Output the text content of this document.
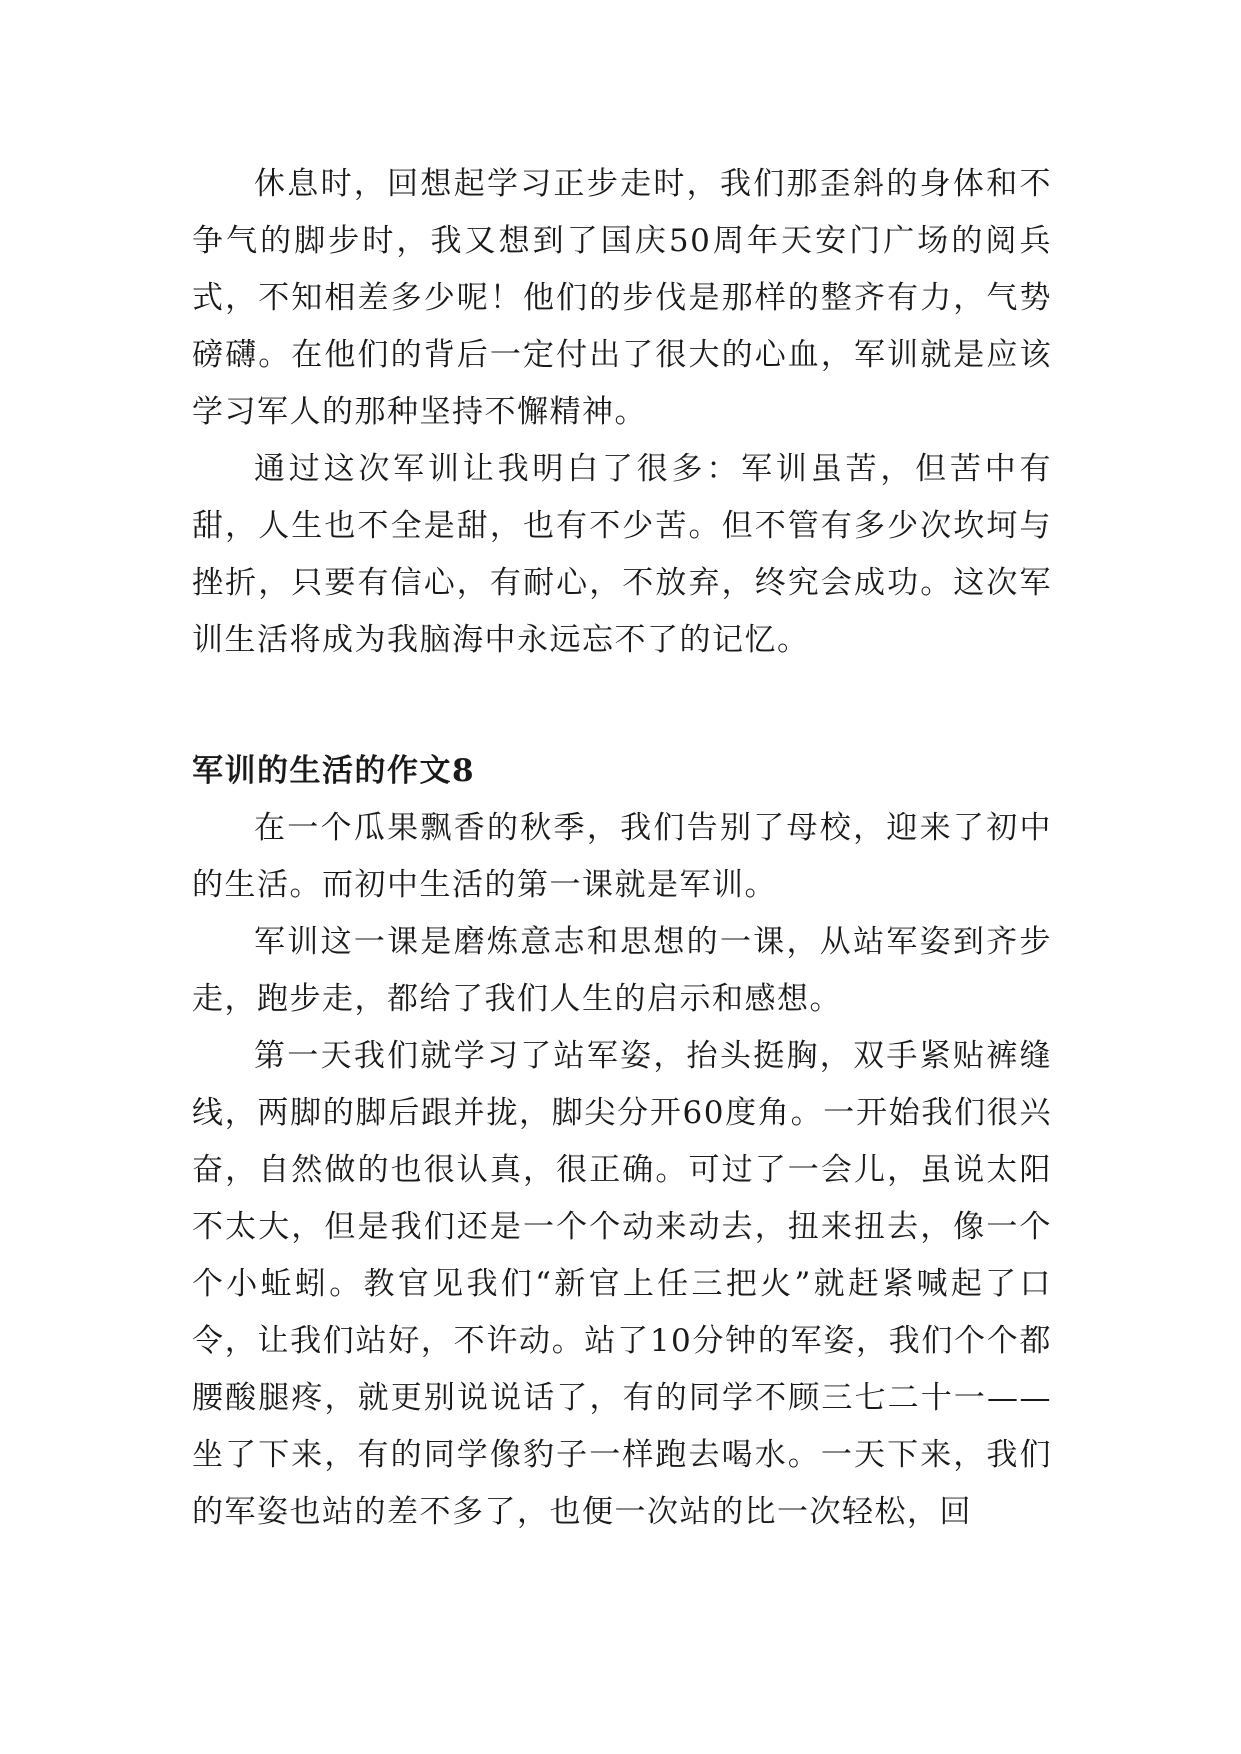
休息时，回想起学习正步走时，我们那歪斜的身体和不争气的脚步时，我又想到了国庆50周年天安门广场的阅兵式，不知相差多少呢！他们的步伐是那样的整齐有力，气势磅礴。在他们的背后一定付出了很大的心血，军训就是应该学习军人的那种坚持不懈精神。

通过这次军训让我明白了很多：军训虽苦，但苦中有甜，人生也不全是甜，也有不少苦。但不管有多少次坎坷与挫折，只要有信心，有耐心，不放弃，终究会成功。这次军训生活将成为我脑海中永远忘不了的记忆。

军训的生活的作文8

在一个瓜果飘香的秋季，我们告别了母校，迎来了初中的生活。而初中生活的第一课就是军训。

军训这一课是磨炼意志和思想的一课，从站军姿到齐步走，跑步走，都给了我们人生的启示和感想。

第一天我们就学习了站军姿，抬头挺胸，双手紧贴裤缝线，两脚的脚后跟并拢，脚尖分开60度角。一开始我们很兴奋，自然做的也很认真，很正确。可过了一会儿，虽说太阳不太大，但是我们还是一个个动来动去，扭来扭去，像一个个小蚯蚓。教官见我们“新官上任三把火”就赶紧喊起了口令，让我们站好，不许动。站了10分钟的军姿，我们个个都腰酸腿疼，就更别说说话了，有的同学不顾三七二十一——坐了下来，有的同学像豹子一样跑去喝水。一天下来，我们的军姿也站的差不多了，也便一次站的比一次轻松，回
